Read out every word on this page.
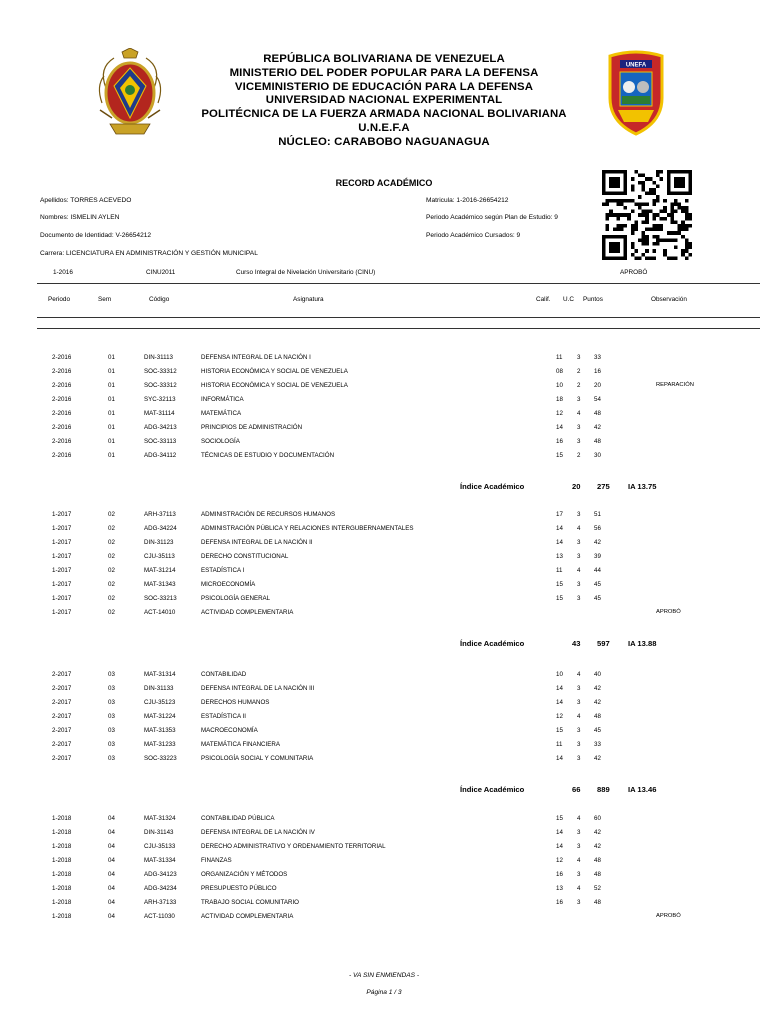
UNEFA
REPÚBLICA BOLIVARIANA DE VENEZUELA
MINISTERIO DEL PODER POPULAR PARA LA DEFENSA
VICEMINISTERIO DE EDUCACIÓN PARA LA DEFENSA
UNIVERSIDAD NACIONAL EXPERIMENTAL
POLITÉCNICA DE LA FUERZA ARMADA NACIONAL BOLIVARIANA
U.N.E.F.A
NÚCLEO: CARABOBO NAGUANAGUA
RECORD ACADÉMICO
Apellidos: TORRES ACEVEDO
Nombres: ISMELIN AYLEN
Documento de Identidad: V-26654212
Carrera: LICENCIATURA EN ADMINISTRACIÓN Y GESTIÓN MUNICIPAL
Matricula: 1-2016-26654212
Periodo Académico según Plan de Estudio: 9
Periodo Académico Cursados: 9
1-2016	CINU2011	Curso Integral de Nivelación Universitario (CINU)	APROBÓ
Periodo	Sem	Código	Asignatura	Calif. U.C Puntos	Observación
2-2016	01	DIN-31113	DEFENSA INTEGRAL DE LA NACIÓN I	11 3 33
2-2016	01	SOC-33312	HISTORIA ECONÓMICA Y SOCIAL DE VENEZUELA	08 2 16
2-2016	01	SOC-33312	HISTORIA ECONÓMICA Y SOCIAL DE VENEZUELA	10 2 20	REPARACIÓN
2-2016	01	SYC-32113	INFORMÁTICA	18 3 54
2-2016	01	MAT-31114	MATEMÁTICA	12 4 48
2-2016	01	ADG-34213	PRINCIPIOS DE ADMINISTRACIÓN	14 3 42
2-2016	01	SOC-33113	SOCIOLOGÍA	16 3 48
2-2016	01	ADG-34112	TÉCNICAS DE ESTUDIO Y DOCUMENTACIÓN	15 2 30
Índice Académico	20 275 IA 13.75
1-2017	02	ARH-37113	ADMINISTRACIÓN DE RECURSOS HUMANOS	17 3 51
1-2017	02	ADG-34224	ADMINISTRACIÓN PÚBLICA Y RELACIONES INTERGUBERNAMENTALES	14 4 56
1-2017	02	DIN-31123	DEFENSA INTEGRAL DE LA NACIÓN II	14 3 42
1-2017	02	CJU-35113	DERECHO CONSTITUCIONAL	13 3 39
1-2017	02	MAT-31214	ESTADÍSTICA I	11 4 44
1-2017	02	MAT-31343	MICROECONOMÍA	15 3 45
1-2017	02	SOC-33213	PSICOLOGÍA GENERAL	15 3 45
1-2017	02	ACT-14010	ACTIVIDAD COMPLEMENTARIA	APROBÓ
Índice Académico	43 597 IA 13.88
2-2017	03	MAT-31314	CONTABILIDAD	10 4 40
2-2017	03	DIN-31133	DEFENSA INTEGRAL DE LA NACIÓN III	14 3 42
2-2017	03	CJU-35123	DERECHOS HUMANOS	14 3 42
2-2017	03	MAT-31224	ESTADÍSTICA II	12 4 48
2-2017	03	MAT-31353	MACROECONOMÍA	15 3 45
2-2017	03	MAT-31233	MATEMÁTICA FINANCIERA	11 3 33
2-2017	03	SOC-33223	PSICOLOGÍA SOCIAL Y COMUNITARIA	14 3 42
Índice Académico	66 889 IA 13.46
1-2018	04	MAT-31324	CONTABILIDAD PÚBLICA	15 4 60
1-2018	04	DIN-31143	DEFENSA INTEGRAL DE LA NACIÓN IV	14 3 42
1-2018	04	CJU-35133	DERECHO ADMINISTRATIVO Y ORDENAMIENTO TERRITORIAL	14 3 42
1-2018	04	MAT-31334	FINANZAS	12 4 48
1-2018	04	ADG-34123	ORGANIZACIÓN Y MÉTODOS	16 3 48
1-2018	04	ADG-34234	PRESUPUESTO PÚBLICO	13 4 52
1-2018	04	ARH-37133	TRABAJO SOCIAL COMUNITARIO	16 3 48
1-2018	04	ACT-11030	ACTIVIDAD COMPLEMENTARIA	APROBÓ
- VA SIN ENMIENDAS -
Página 1 / 3
